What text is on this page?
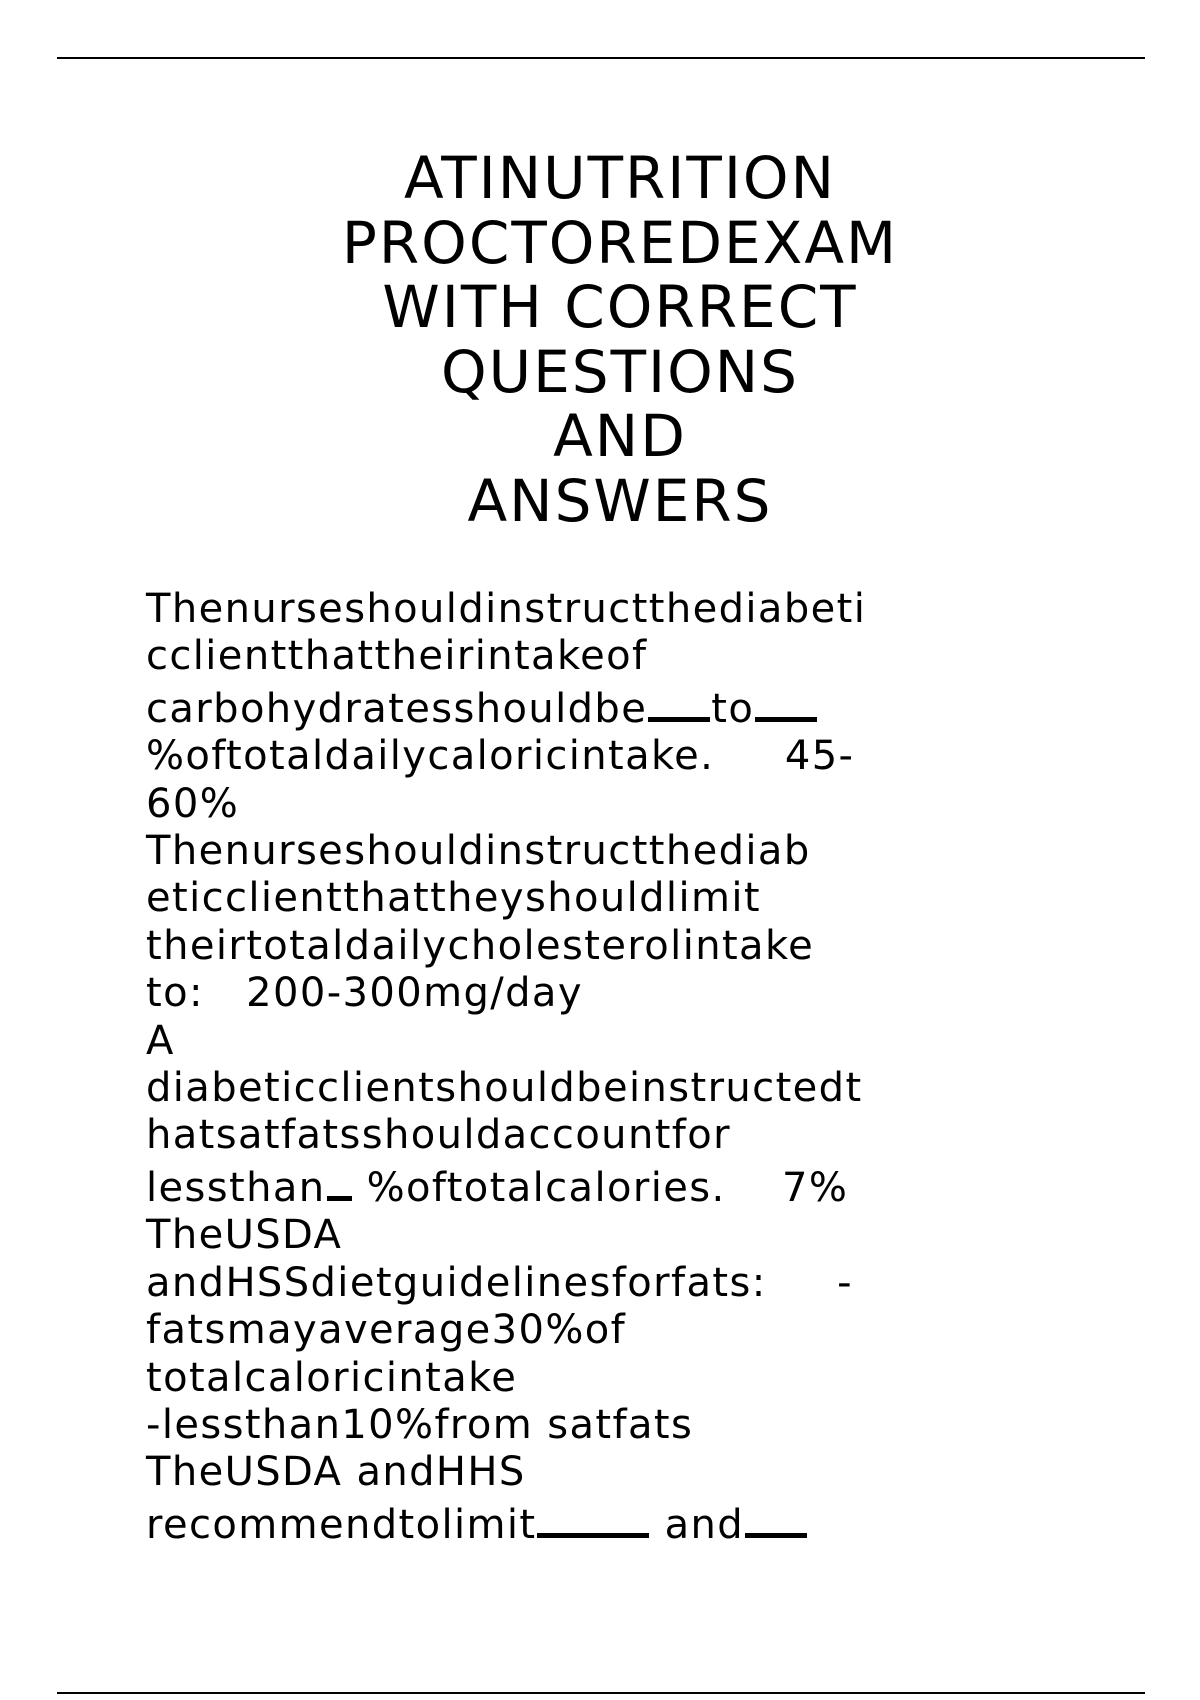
ATINUTRITION
PROCTOREDEXAM
WITH CORRECT
QUESTIONS
AND
ANSWERS
Thenurseshouldinstructthediabeti
cclientthattheirintakeof
carbohydratesshouldbe to
%oftotaldailycaloricintake.     45-
60%
Thenurseshouldinstructthediab
eticclientthattheyshouldlimit
theirtotaldailycholesterolintake
to:   200-300mg/day
A
diabeticclientshouldbeinstructedt
hatsatfatsshouldaccountfor
lessthan %oftotalcalories.    7%
TheUSDA
andHSSdietguidelinesforfats:     -
fatsmayaverage30%of
totalcaloricintake
-lessthan10%from satfats
TheUSDA andHHS
recommendtolimit	and
